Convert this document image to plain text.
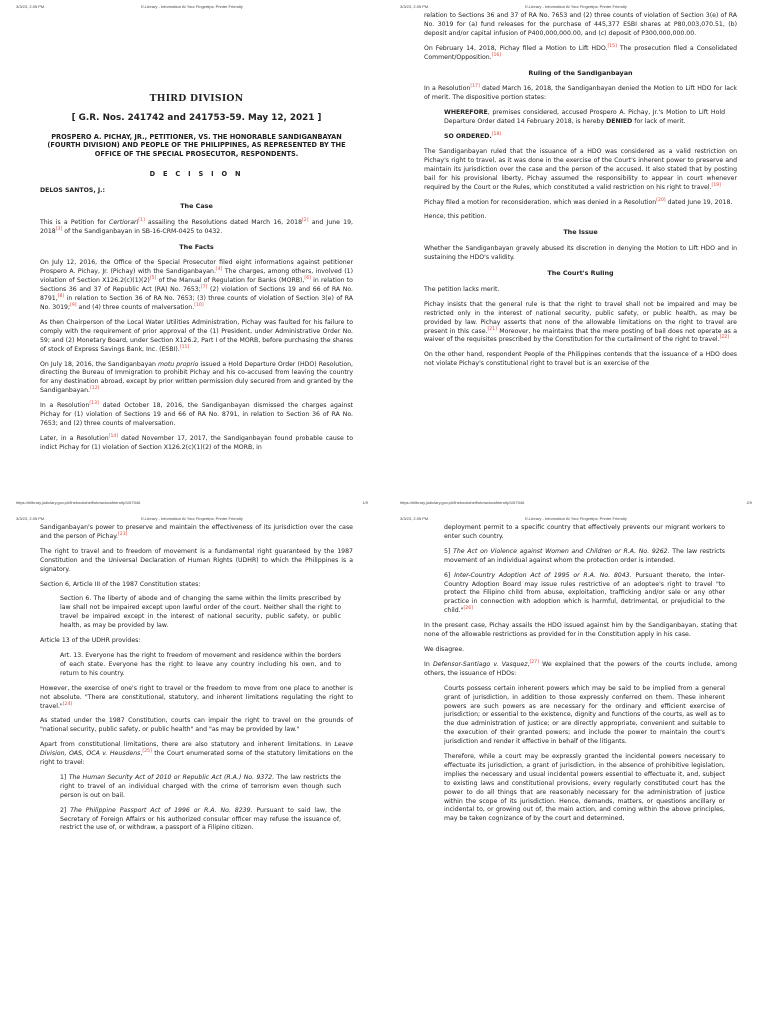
3/3/23, 2:35 PM	E-Library - Information At Your Fingertips: Printer Friendly
THIRD DIVISION
[ G.R. Nos. 241742 and 241753-59. May 12, 2021 ]
PROSPERO A. PICHAY, JR., PETITIONER, VS. THE HONORABLE SANDIGANBAYAN (FOURTH DIVISION) AND PEOPLE OF THE PHILIPPINES, AS REPRESENTED BY THE OFFICE OF THE SPECIAL PROSECUTOR, RESPONDENTS.
D E C I S I O N
DELOS SANTOS, J.:
The Case

This is a Petition for Certiorari[1] assailing the Resolutions dated March 16, 2018[2] and June 19, 2018[3] of the Sandiganbayan in SB-16-CRM-0425 to 0432.

The Facts

On July 12, 2016, the Office of the Special Prosecutor filed eight informations against petitioner Prospero A. Pichay, Jr. (Pichay) with the Sandiganbayan.[4] The charges, among others, involved (1) violation of Section X126.2(c)(1)(2)[5] of the Manual of Regulation for Banks (MORB),[6] in relation to Sections 36 and 37 of Republic Act (RA) No. 7653;[7] (2) violation of Sections 19 and 66 of RA No. 8791,[8] in relation to Section 36 of RA No. 7653; (3) three counts of violation of Section 3(e) of RA No. 3019;[9] and (4) three counts of malversation.[10]

As then Chairperson of the Local Water Utilities Administration, Pichay was faulted for his failure to comply with the requirement of prior approval of the (1) President, under Administrative Order No. 59; and (2) Monetary Board, under Section X126.2, Part I of the MORB, before purchasing the shares of stock of Express Savings Bank, Inc. (ESBI).[11]

On July 18, 2016, the Sandiganbayan motu proprio issued a Hold Departure Order (HDO) Resolution, directing the Bureau of Immigration to prohibit Pichay and his co-accused from leaving the country for any destination abroad, except by prior written permission duly secured from and granted by the Sandiganbayan.[12]

In a Resolution[13] dated October 18, 2016, the Sandiganbayan dismissed the charges against Pichay for (1) violation of Sections 19 and 66 of RA No. 8791, in relation to Section 36 of RA No. 7653; and (2) three counts of malversation.

Later, in a Resolution[14] dated November 17, 2017, the Sandiganbayan found probable cause to indict Pichay for (1) violation of Section X126.2(c)(1)(2) of the MORB, in

https://elibrary.judiciary.gov.ph/thebookshelf/showdocsfriendly/1/67546	1/9
3/3/23, 2:35 PM	E-Library - Information At Your Fingertips: Printer Friendly

relation to Sections 36 and 37 of RA No. 7653 and (2) three counts of violation of Section 3(e) of RA No. 3019 for (a) fund releases for the purchase of 445,377 ESBI shares at P80,003,070.51, (b) deposit and/or capital infusion of P400,000,000.00, and (c) deposit of P300,000,000.00.

On February 14, 2018, Pichay filed a Motion to Lift HDO.[15] The prosecution filed a Consolidated Comment/Opposition.[16]

Ruling of the Sandiganbayan

In a Resolution[17] dated March 16, 2018, the Sandiganbayan denied the Motion to Lift HDO for lack of merit. The dispositive portion states:

WHEREFORE, premises considered, accused Prospero A. Pichay, Jr.'s Motion to Lift Hold Departure Order dated 14 February 2018, is hereby DENIED for lack of merit.

SO ORDERED.[18]

The Sandiganbayan ruled that the issuance of a HDO was considered as a valid restriction on Pichay's right to travel, as it was done in the exercise of the Court's inherent power to preserve and maintain its jurisdiction over the case and the person of the accused. It also stated that by posting bail for his provisional liberty, Pichay assumed the responsibility to appear in court whenever required by the Court or the Rules, which constituted a valid restriction on his right to travel.[19]

Pichay filed a motion for reconsideration, which was denied in a Resolution[20] dated June 19, 2018.

Hence, this petition.

The Issue

Whether the Sandiganbayan gravely abused its discretion in denying the Motion to Lift HDO and in sustaining the HDO's validity.

The Court's Ruling

The petition lacks merit.

Pichay insists that the general rule is that the right to travel shall not be impaired and may be restricted only in the interest of national security, public safety, or public health, as may be provided by law. Pichay asserts that none of the allowable limitations on the right to travel are present in this case.[21] Moreover, he maintains that the mere posting of bail does not operate as a waiver of the requisites prescribed by the Constitution for the curtailment of the right to travel.[22]

On the other hand, respondent People of the Philippines contends that the issuance of a HDO does not violate Pichay's constitutional right to travel but is an exercise of the

https://elibrary.judiciary.gov.ph/thebookshelf/showdocsfriendly/1/67546	2/9
3/3/23, 2:35 PM	E-Library - Information At Your Fingertips: Printer Friendly

Sandiganbayan's power to preserve and maintain the effectiveness of its jurisdiction over the case and the person of Pichay.[23]

The right to travel and to freedom of movement is a fundamental right guaranteed by the 1987 Constitution and the Universal Declaration of Human Rights (UDHR) to which the Philippines is a signatory.

Section 6, Article III of the 1987 Constitution states:

Section 6. The liberty of abode and of changing the same within the limits prescribed by law shall not be impaired except upon lawful order of the court. Neither shall the right to travel be impaired except in the interest of national security, public safety, or public health, as may be provided by law.

Article 13 of the UDHR provides:

Art. 13. Everyone has the right to freedom of movement and residence within the borders of each state. Everyone has the right to leave any country including his own, and to return to his country.

However, the exercise of one's right to travel or the freedom to move from one place to another is not absolute. "There are constitutional, statutory, and inherent limitations regulating the right to travel."[24]

As stated under the 1987 Constitution, courts can impair the right to travel on the grounds of "national security, public safety, or public health" and "as may be provided by law."

Apart from constitutional limitations, there are also statutory and inherent limitations. In Leave Division, OAS, OCA v. Heusdens,[25] the Court enumerated some of the statutory limitations on the right to travel:

1] The Human Security Act of 2010 or Republic Act (R.A.) No. 9372. The law restricts the right to travel of an individual charged with the crime of terrorism even though such person is out on bail.

2] The Philippine Passport Act of 1996 or R.A. No. 8239. Pursuant to said law, the Secretary of Foreign Affairs or his authorized consular officer may refuse the issuance of, restrict the use of, or withdraw, a passport of a Filipino citizen.

3/3/23, 2:35 PM	E-Library - Information At Your Fingertips: Printer Friendly

deployment permit to a specific country that effectively prevents our migrant workers to enter such country.

5] The Act on Violence against Women and Children or R.A. No. 9262. The law restricts movement of an individual against whom the protection order is intended.

6] Inter-Country Adoption Act of 1995 or R.A. No. 8043. Pursuant thereto, the Inter-Country Adoption Board may issue rules restrictive of an adoptee's right to travel "to protect the Filipino child from abuse, exploitation, trafficking and/or sale or any other practice in connection with adoption which is harmful, detrimental, or prejudicial to the child."[26]

In the present case, Pichay assails the HDO issued against him by the Sandiganbayan, stating that none of the allowable restrictions as provided for in the Constitution apply in his case.

We disagree.

In Defensor-Santiago v. Vasquez,[27] We explained that the powers of the courts include, among others, the issuance of HDOs:

Courts possess certain inherent powers which may be said to be implied from a general grant of jurisdiction, in addition to those expressly conferred on them. These inherent powers are such powers as are necessary for the ordinary and efficient exercise of jurisdiction; or essential to the existence, dignity and functions of the courts, as well as to the due administration of justice; or are directly appropriate, convenient and suitable to the execution of their granted powers; and include the power to maintain the court's jurisdiction and render it effective in behalf of the litigants.

Therefore, while a court may be expressly granted the incidental powers necessary to effectuate its jurisdiction, a grant of jurisdiction, in the absence of prohibitive legislation, implies the necessary and usual incidental powers essential to effectuate it, and, subject to existing laws and constitutional provisions, every regularly constituted court has the power to do all things that are reasonably necessary for the administration of justice within the scope of its jurisdiction. Hence, demands, matters, or questions ancillary or incidental to, or growing out of, the main action, and coming within the above principles, may be taken cognizance of by the court and determined,
